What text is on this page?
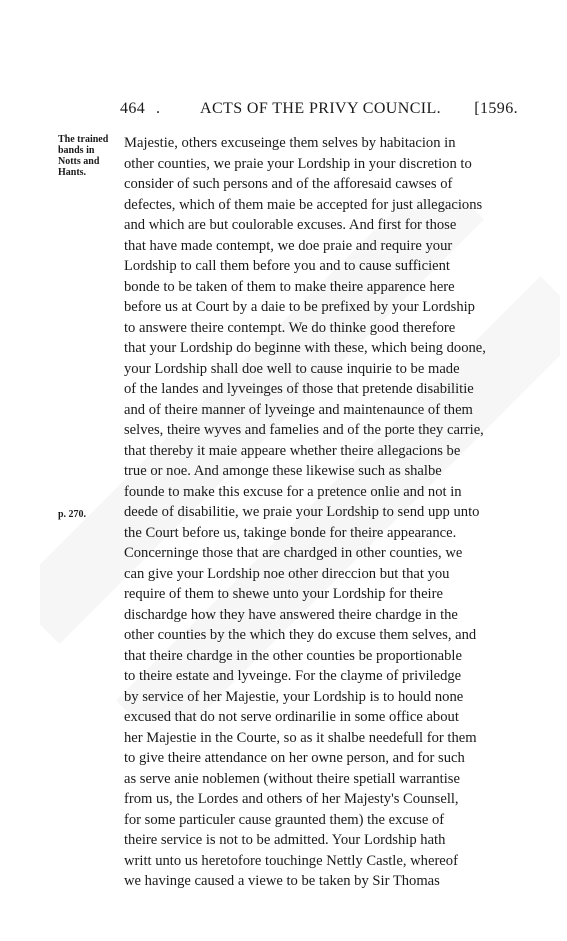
464 . ACTS OF THE PRIVY COUNCIL. [1596.
The trained
bands in
Notts and
Hants.
p. 270.
Majestie, others excuseinge them selves by habitacion in
other counties, we praie your Lordship in your discretion to
consider of such persons and of the afforesaid cawses of
defectes, which of them maie be accepted for just allegacions
and which are but coulorable excuses. And first for those
that have made contempt, we doe praie and require your
Lordship to call them before you and to cause sufficient
bonde to be taken of them to make theire apparence here
before us at Court by a daie to be prefixed by your Lordship
to answere theire contempt. We do thinke good therefore
that your Lordship do beginne with these, which being doone,
your Lordship shall doe well to cause inquirie to be made
of the landes and lyveinges of those that pretende disabilitie
and of theire manner of lyveinge and maintenaunce of them
selves, theire wyves and famelies and of the porte they carrie,
that thereby it maie appeare whether theire allegacions be
true or noe. And amonge these likewise such as shalbe
founde to make this excuse for a pretence onlie and not in
deede of disabilitie, we praie your Lordship to send upp unto
the Court before us, takinge bonde for theire appearance.
Concerninge those that are chardged in other counties, we
can give your Lordship noe other direccion but that you
require of them to shewe unto your Lordship for theire
dischardge how they have answered theire chardge in the
other counties by the which they do excuse them selves, and
that theire chardge in the other counties be proportionable
to theire estate and lyveinge. For the clayme of priviledge
by service of her Majestie, your Lordship is to hould none
excused that do not serve ordinarilie in some office about
her Majestie in the Courte, so as it shalbe needefull for them
to give theire attendance on her owne person, and for such
as serve anie noblemen (without theire spetiall warrantise
from us, the Lordes and others of her Majesty's Counsell,
for some particuler cause graunted them) the excuse of
theire service is not to be admitted. Your Lordship hath
writt unto us heretofore touchinge Nettly Castle, whereof
we havinge caused a viewe to be taken by Sir Thomas
